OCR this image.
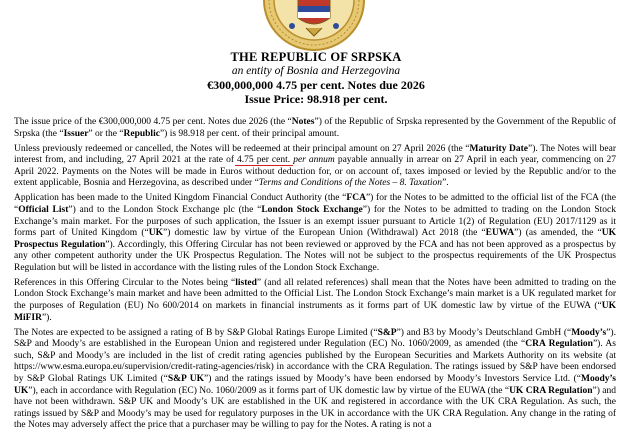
THE REPUBLIC OF SRPSKA
an entity of Bosnia and Herzegovina
€300,000,000 4.75 per cent. Notes due 2026
Issue Price: 98.918 per cent.

The issue price of the €300,000,000 4.75 per cent. Notes due 2026 (the “Notes”) of the Republic of Srpska represented by the Government of the Republic of Srpska (the “Issuer” or the “Republic”) is 98.918 per cent. of their principal amount.

Unless previously redeemed or cancelled, the Notes will be redeemed at their principal amount on 27 April 2026 (the “Maturity Date”). The Notes will bear interest from, and including, 27 April 2021 at the rate of 4.75 per cent. per annum payable annually in arrear on 27 April in each year, commencing on 27 April 2022. Payments on the Notes will be made in Euros without deduction for, or on account of, taxes imposed or levied by the Republic and/or to the extent applicable, Bosnia and Herzegovina, as described under “Terms and Conditions of the Notes – 8. Taxation”.

Application has been made to the United Kingdom Financial Conduct Authority (the “FCA”) for the Notes to be admitted to the official list of the FCA (the “Official List”) and to the London Stock Exchange plc (the “London Stock Exchange”) for the Notes to be admitted to trading on the London Stock Exchange’s main market. For the purposes of such application, the Issuer is an exempt issuer pursuant to Article 1(2) of Regulation (EU) 2017/1129 as it forms part of United Kingdom (“UK”) domestic law by virtue of the European Union (Withdrawal) Act 2018 (the “EUWA”) (as amended, the “UK Prospectus Regulation”). Accordingly, this Offering Circular has not been reviewed or approved by the FCA and has not been approved as a prospectus by any other competent authority under the UK Prospectus Regulation. The Notes will not be subject to the prospectus requirements of the UK Prospectus Regulation but will be listed in accordance with the listing rules of the London Stock Exchange.

References in this Offering Circular to the Notes being “listed” (and all related references) shall mean that the Notes have been admitted to trading on the London Stock Exchange’s main market and have been admitted to the Official List. The London Stock Exchange’s main market is a UK regulated market for the purposes of Regulation (EU) No 600/2014 on markets in financial instruments as it forms part of UK domestic law by virtue of the EUWA (“UK MiFIR”).

The Notes are expected to be assigned a rating of B by S&P Global Ratings Europe Limited (“S&P”) and B3 by Moody’s Deutschland GmbH (“Moody’s”). S&P and Moody’s are established in the European Union and registered under Regulation (EC) No. 1060/2009, as amended (the “CRA Regulation”). As such, S&P and Moody’s are included in the list of credit rating agencies published by the European Securities and Markets Authority on its website (at https://www.esma.europa.eu/supervision/credit-rating-agencies/risk) in accordance with the CRA Regulation. The ratings issued by S&P have been endorsed by S&P Global Ratings UK Limited (“S&P UK”) and the ratings issued by Moody’s have been endorsed by Moody’s Investors Service Ltd. (“Moody’s UK”), each in accordance with Regulation (EC) No. 1060/2009 as it forms part of UK domestic law by virtue of the EUWA (the “UK CRA Regulation”) and have not been withdrawn. S&P UK and Moody’s UK are established in the UK and registered in accordance with the UK CRA Regulation. As such, the ratings issued by S&P and Moody’s may be used for regulatory purposes in the UK in accordance with the UK CRA Regulation. Any change in the rating of the Notes may adversely affect the price that a purchaser may be willing to pay for the Notes. A rating is not a
